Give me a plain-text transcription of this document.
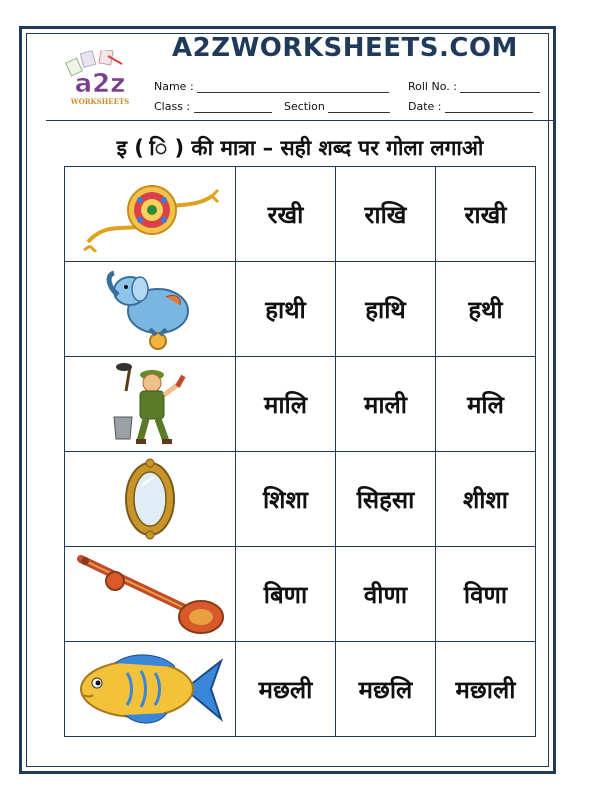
a2z
WORKSHEETS
A2ZWORKSHEETS.COM
Name :	Roll No. :
Class :	Section	Date :
इ ( ि ) की मात्रा – सही शब्द पर गोला लगाओ
	रखी	राखि	राखी

	हाथी	हाथि	हथी

	मालि	माली	मलि

	शिशा	सिहसा	शीशा

	बिणा	वीणा	विणा

	मछली	मछलि	मछाली
